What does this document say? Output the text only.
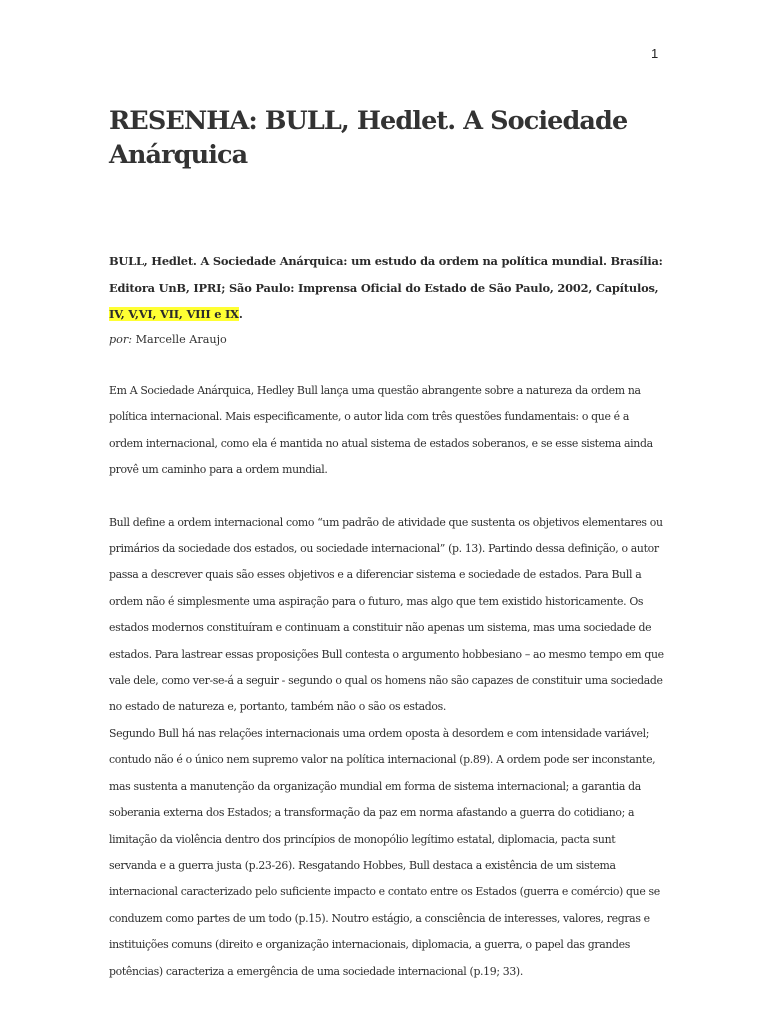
1
RESENHA: BULL, Hedlet. A Sociedade Anárquica

BULL, Hedlet. A Sociedade Anárquica: um estudo da ordem na política mundial. Brasília: Editora UnB, IPRI; São Paulo: Imprensa Oficial do Estado de São Paulo, 2002, Capítulos, IV, V,VI, VII, VIII e IX.

por: Marcelle Araujo

Em A Sociedade Anárquica, Hedley Bull lança uma questão abrangente sobre a natureza da ordem na política internacional. Mais especificamente, o autor lida com três questões fundamentais: o que é a ordem internacional, como ela é mantida no atual sistema de estados soberanos, e se esse sistema ainda provê um caminho para a ordem mundial.

Bull define a ordem internacional como “um padrão de atividade que sustenta os objetivos elementares ou primários da sociedade dos estados, ou sociedade internacional” (p. 13). Partindo dessa definição, o autor passa a descrever quais são esses objetivos e a diferenciar sistema e sociedade de estados. Para Bull a ordem não é simplesmente uma aspiração para o futuro, mas algo que tem existido historicamente. Os estados modernos constituíram e continuam a constituir não apenas um sistema, mas uma sociedade de estados. Para lastrear essas proposições Bull contesta o argumento hobbesiano – ao mesmo tempo em que vale dele, como ver-se-á a seguir - segundo o qual os homens não são capazes de constituir uma sociedade no estado de natureza e, portanto, também não o são os estados.

Segundo Bull há nas relações internacionais uma ordem oposta à desordem e com intensidade variável; contudo não é o único nem supremo valor na política internacional (p.89). A ordem pode ser inconstante, mas sustenta a manutenção da organização mundial em forma de sistema internacional; a garantia da soberania externa dos Estados; a transformação da paz em norma afastando a guerra do cotidiano; a limitação da violência dentro dos princípios de monopólio legítimo estatal, diplomacia, pacta sunt servanda e a guerra justa (p.23-26). Resgatando Hobbes, Bull destaca a existência de um sistema internacional caracterizado pelo suficiente impacto e contato entre os Estados (guerra e comércio) que se conduzem como partes de um todo (p.15). Noutro estágio, a consciência de interesses, valores, regras e instituições comuns (direito e organização internacionais, diplomacia, a guerra, o papel das grandes potências) caracteriza a emergência de uma sociedade internacional (p.19; 33).
